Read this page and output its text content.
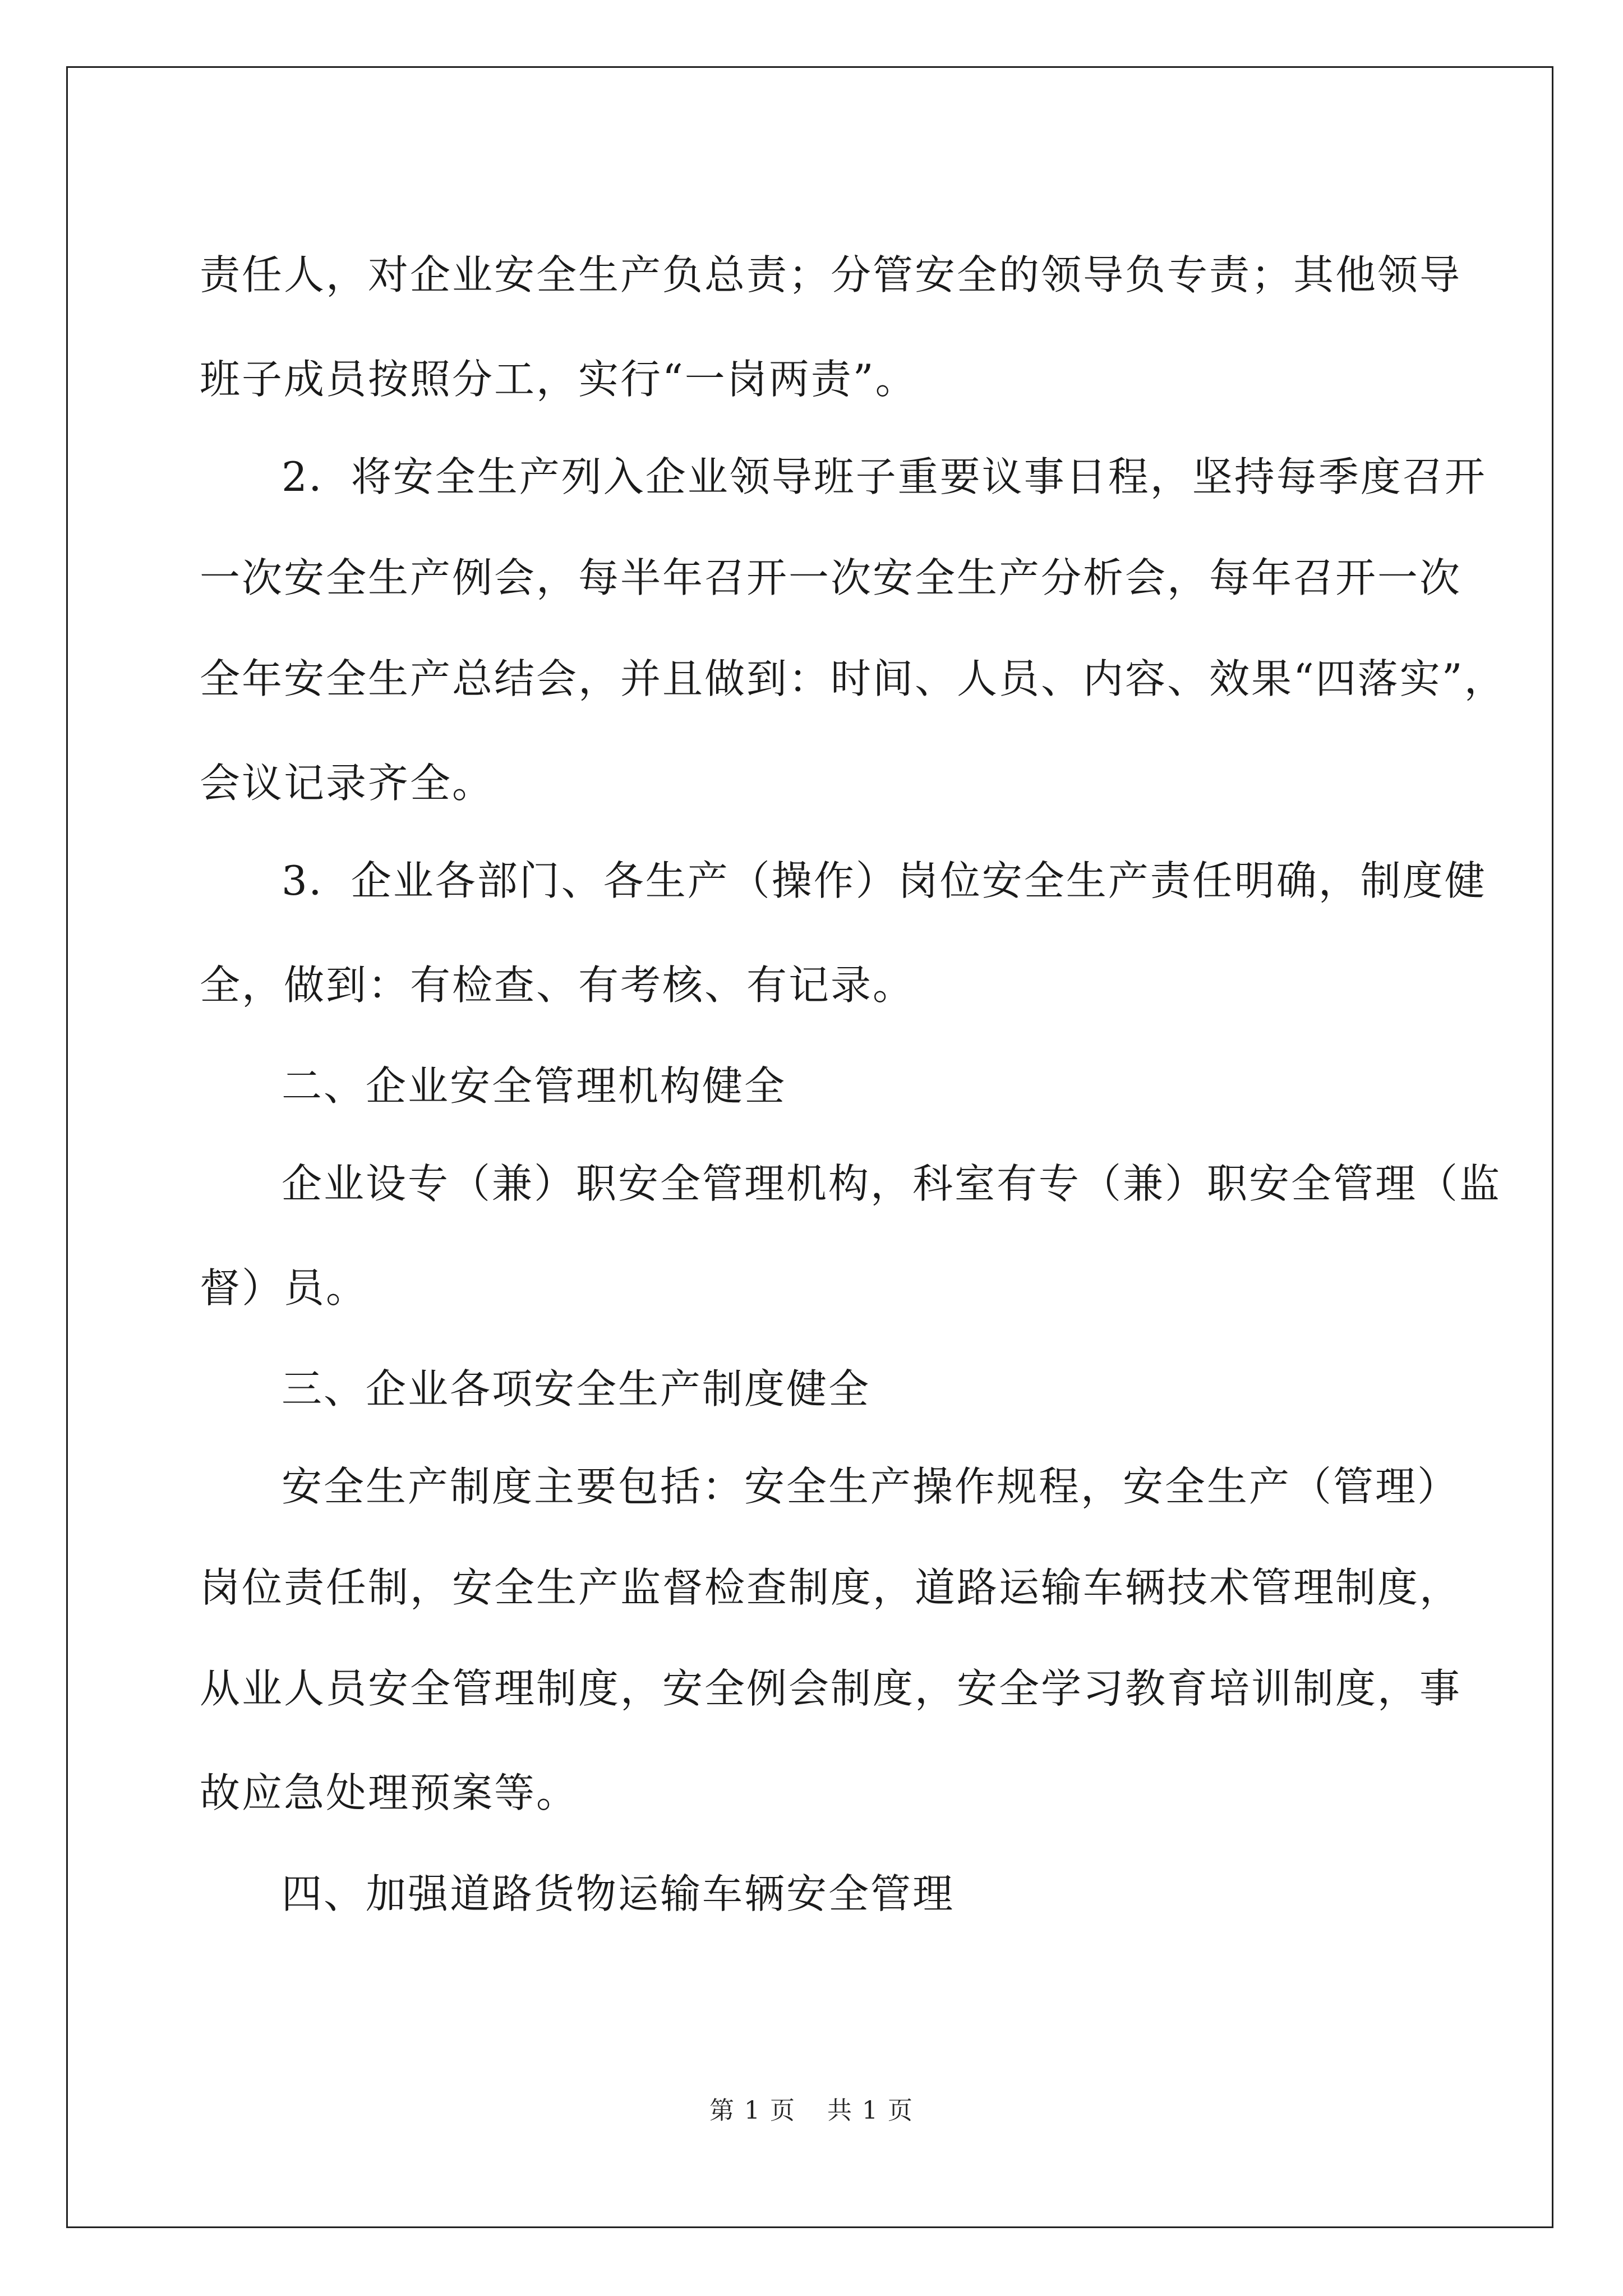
责任人，对企业安全生产负总责；分管安全的领导负专责；其他领导
班子成员按照分工，实行“一岗两责”。
2．将安全生产列入企业领导班子重要议事日程，坚持每季度召开
一次安全生产例会，每半年召开一次安全生产分析会，每年召开一次
全年安全生产总结会，并且做到：时间、人员、内容、效果“四落实”，
会议记录齐全。
3．企业各部门、各生产（操作）岗位安全生产责任明确，制度健
全，做到：有检查、有考核、有记录。
二、企业安全管理机构健全
企业设专（兼）职安全管理机构，科室有专（兼）职安全管理（监
督）员。
三、企业各项安全生产制度健全
安全生产制度主要包括：安全生产操作规程，安全生产（管理）
岗位责任制，安全生产监督检查制度，道路运输车辆技术管理制度，
从业人员安全管理制度，安全例会制度，安全学习教育培训制度，事
故应急处理预案等。
四、加强道路货物运输车辆安全管理
第 1 页 共 1 页
